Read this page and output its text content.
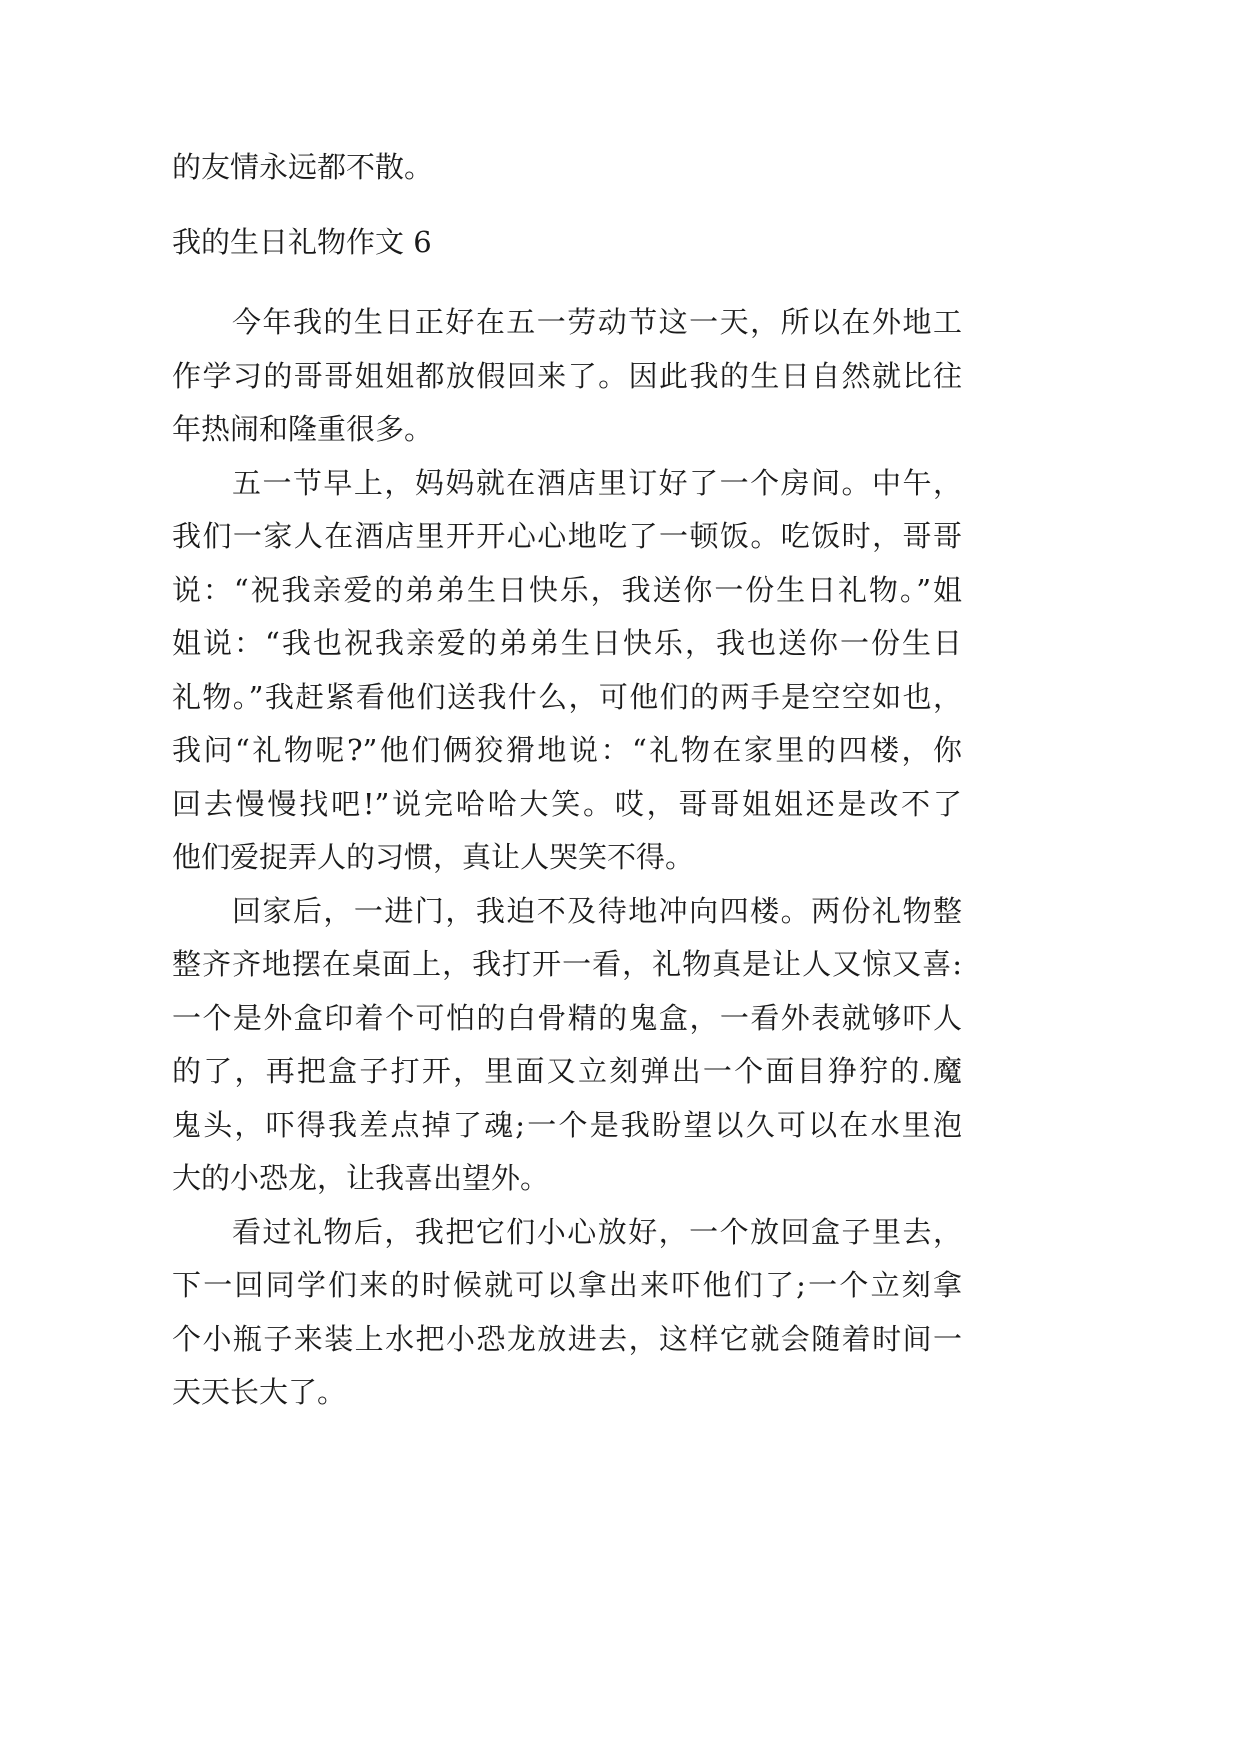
的友情永远都不散。
我的生日礼物作文 6
今年我的生日正好在五一劳动节这一天，所以在外地工
作学习的哥哥姐姐都放假回来了。因此我的生日自然就比往
年热闹和隆重很多。
五一节早上，妈妈就在酒店里订好了一个房间。中午，
我们一家人在酒店里开开心心地吃了一顿饭。吃饭时，哥哥
说：“祝我亲爱的弟弟生日快乐，我送你一份生日礼物。”姐
姐说：“我也祝我亲爱的弟弟生日快乐，我也送你一份生日
礼物。”我赶紧看他们送我什么，可他们的两手是空空如也，
我问“礼物呢?”他们俩狡猾地说：“礼物在家里的四楼，你
回去慢慢找吧!”说完哈哈大笑。哎，哥哥姐姐还是改不了
他们爱捉弄人的习惯，真让人哭笑不得。
回家后，一进门，我迫不及待地冲向四楼。两份礼物整
整齐齐地摆在桌面上，我打开一看，礼物真是让人又惊又喜:
一个是外盒印着个可怕的白骨精的鬼盒，一看外表就够吓人
的了，再把盒子打开，里面又立刻弹出一个面目狰狞的.魔
鬼头，吓得我差点掉了魂;一个是我盼望以久可以在水里泡
大的小恐龙，让我喜出望外。
看过礼物后，我把它们小心放好，一个放回盒子里去，
下一回同学们来的时候就可以拿出来吓他们了;一个立刻拿
个小瓶子来装上水把小恐龙放进去，这样它就会随着时间一
天天长大了。
